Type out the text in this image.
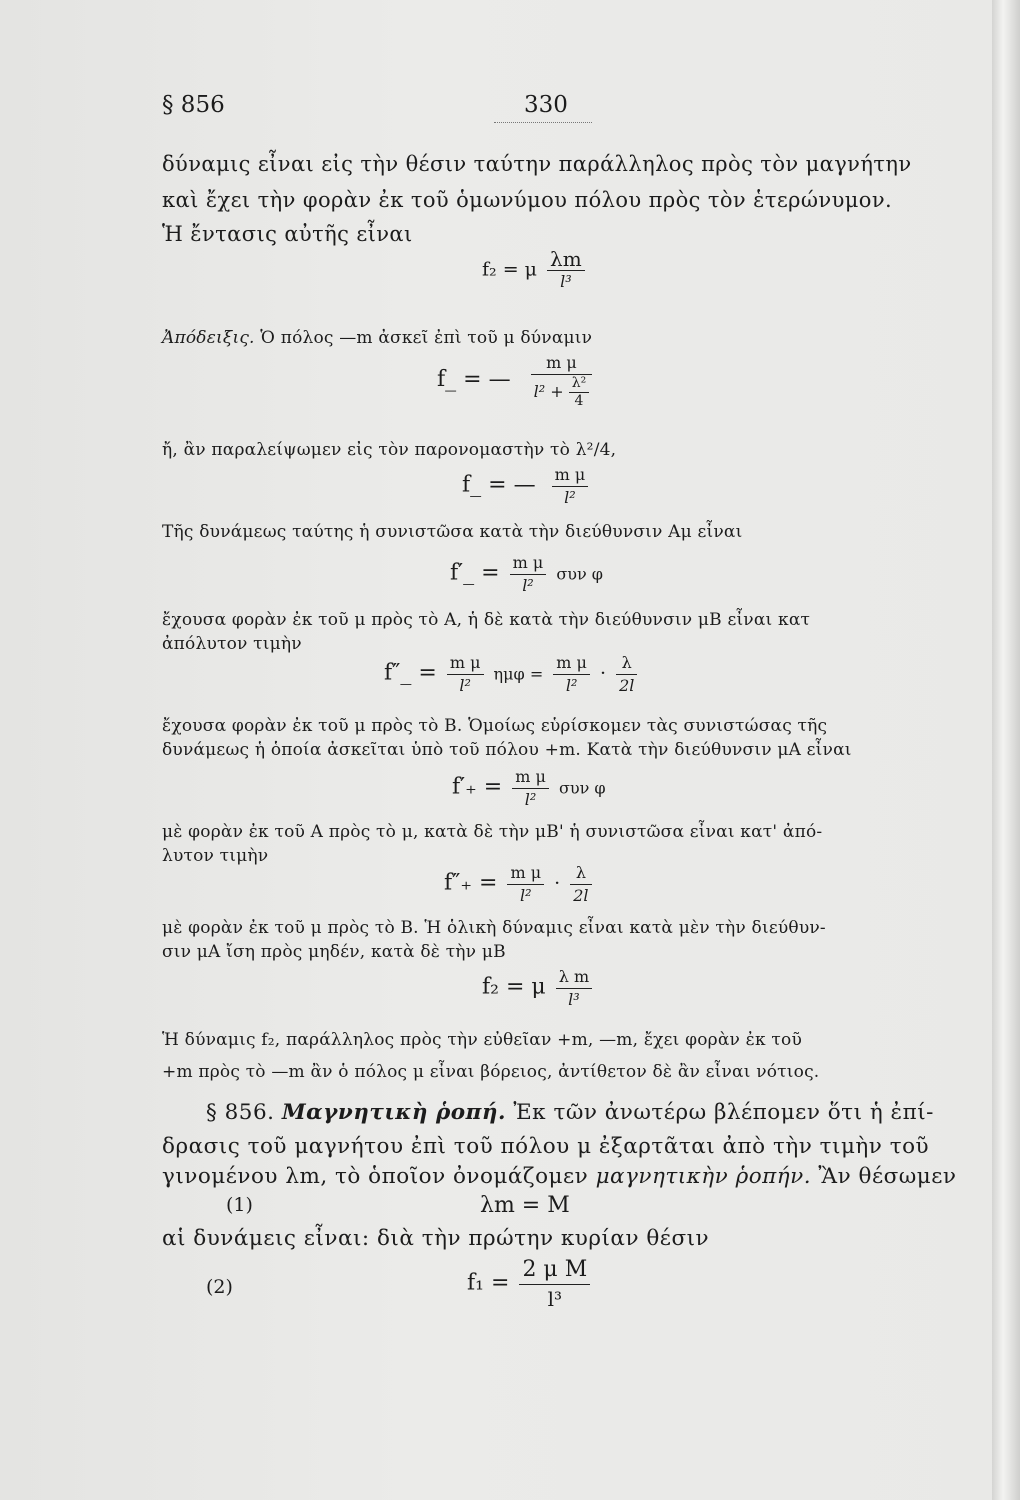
§ 856	330
δύναμις εἶναι εἰς τὴν θέσιν ταύτην παράλληλος πρὸς τὸν μαγνήτην
καὶ ἔχει τὴν φορὰν ἐκ τοῦ ὁμωνύμου πόλου πρὸς τὸν ἑτερώνυμον.
Ἡ ἔντασις αὐτῆς εἶναι
f₂ = μ $\frac{\lambda m}{\text{l³}}$
Ἀπόδειξις. Ὁ πόλος —m ἀσκεῖ ἐπὶ τοῦ μ δύναμιν
f_ = — $\frac{\text{m μ}}{l^2 + \frac{\text{λ²}}{4}}$
ἤ, ἂν παραλείψωμεν εἰς τὸν παρονομαστὴν τὸ λ²/4,
f_ = — $\frac{\text{m μ}}{\text{l²}}$
Τῆς δυνάμεως ταύτης ἡ συνιστῶσα κατὰ τὴν διεύθυνσιν Αμ εἶναι
f′_ = $\frac{\text{m μ}}{\text{l²}}$ συν φ
ἔχουσα φορὰν ἐκ τοῦ μ πρὸς τὸ A, ἡ δὲ κατὰ τὴν διεύθυνσιν μB εἶναι κατ
ἀπόλυτον τιμὴν
f″_ = $\frac{\text{m μ}}{\text{l²}}$ $\eta\mu\varphi = \frac{\text{m μ}}{\text{l²}} \cdot \frac{\lambda}{2l}$
ἔχουσα φορὰν ἐκ τοῦ μ πρὸς τὸ B. Ὁμοίως εὑρίσκομεν τὰς συνιστώσας τῆς
δυνάμεως ἡ ὁποία ἀσκεῖται ὑπὸ τοῦ πόλου +m. Κατὰ τὴν διεύθυνσιν μA εἶναι
$f'_+ = \frac{\text{m μ}}{\text{l²}}$ συν φ
μὲ φορὰν ἐκ τοῦ A πρὸς τὸ μ, κατὰ δὲ τὴν μB' ἡ συνιστῶσα εἶναι κατ' ἀπό-
λυτον τιμὴν
$f''_+ = \frac{\text{m μ}}{\text{l²}} \cdot \frac{\lambda}{2l}$
μὲ φορὰν ἐκ τοῦ μ πρὸς τὸ B. Ἡ ὁλικὴ δύναμις εἶναι κατὰ μὲν τὴν διεύθυν-
σιν μA ἴση πρὸς μηδέν, κατὰ δὲ τὴν μB
f₂ = μ $\frac{\text{λ m}}{\text{l³}}$
Ἡ δύναμις f₂, παράλληλος πρὸς τὴν εὐθεῖαν +m, —m, ἔχει φορὰν ἐκ τοῦ
+m πρὸς τὸ —m ἂν ὁ πόλος μ εἶναι βόρειος, ἀντίθετον δὲ ἂν εἶναι νότιος.
§ 856. Μαγνητικὴ ῥοπή. Ἐκ τῶν ἀνωτέρω βλέπομεν ὅτι ἡ ἐπί-
δρασις τοῦ μαγνήτου ἐπὶ τοῦ πόλου μ ἐξαρτᾶται ἀπὸ τὴν τιμὴν τοῦ
γινομένου λm, τὸ ὁποῖον ὀνομάζομεν μαγνητικὴν ῥοπήν. Ἂν θέσωμεν
(1)	λm = M
αἱ δυνάμεις εἶναι: διὰ τὴν πρώτην κυρίαν θέσιν
(2)	$f_1 = \frac{\text{2 μ M}}{\text{l³}}$
